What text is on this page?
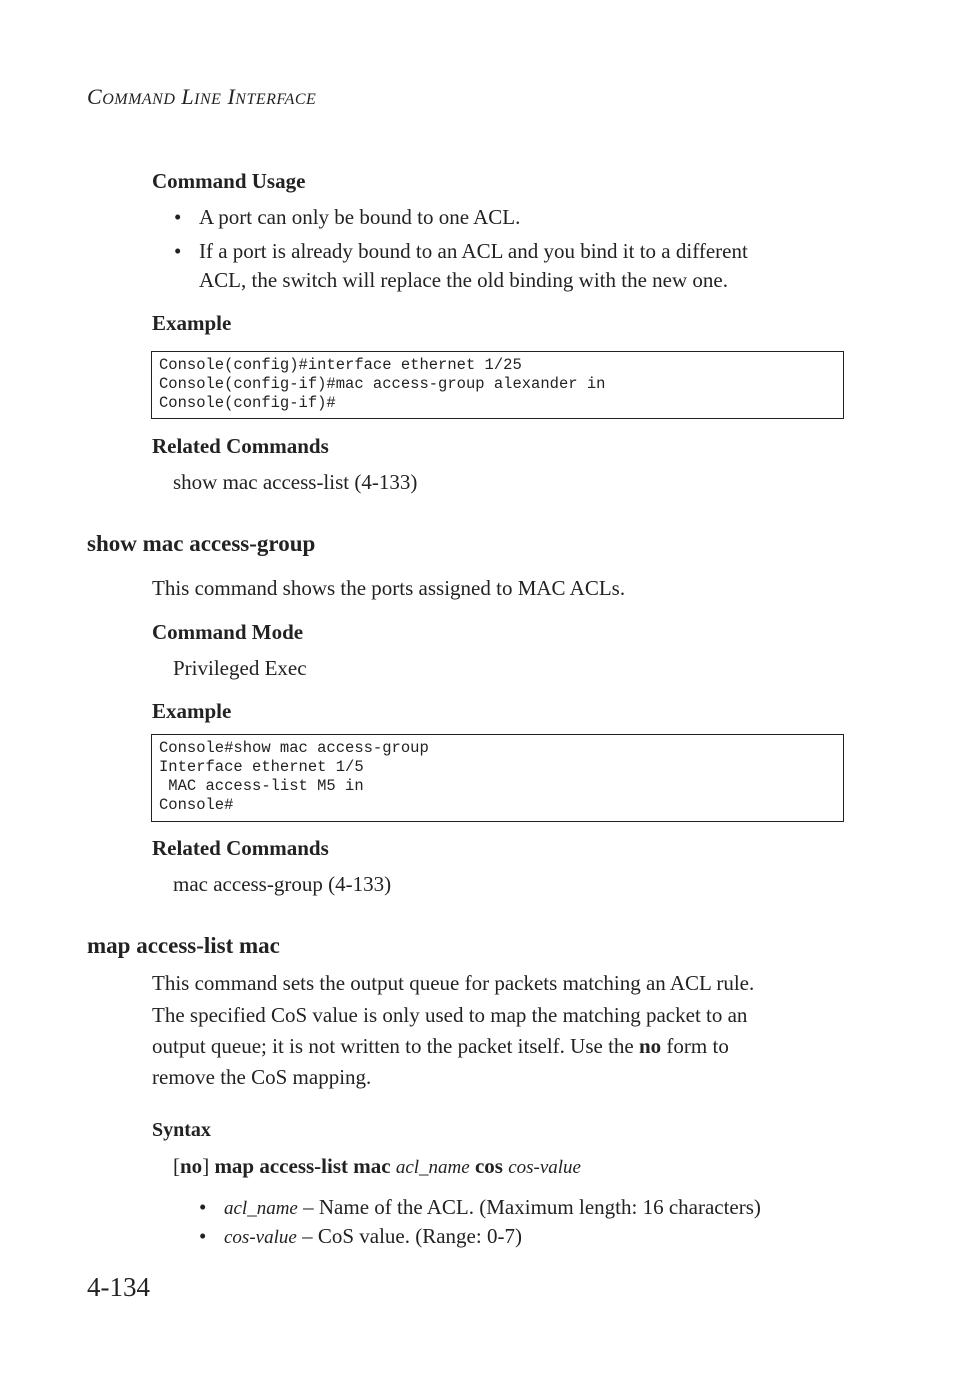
COMMAND LINE INTERFACE
Command Usage
• A port can only be bound to one ACL.
• If a port is already bound to an ACL and you bind it to a different
ACL, the switch will replace the old binding with the new one.
Example
Console(config)#interface ethernet 1/25
Console(config-if)#mac access-group alexander in
Console(config-if)#
Related Commands
show mac access-list (4-133)
show mac access-group
This command shows the ports assigned to MAC ACLs.
Command Mode
Privileged Exec
Example
Console#show mac access-group
Interface ethernet 1/5
MAC access-list M5 in
Console#
Related Commands
mac access-group (4-133)
map access-list mac
This command sets the output queue for packets matching an ACL rule.
The specified CoS value is only used to map the matching packet to an
output queue; it is not written to the packet itself. Use the no form to
remove the CoS mapping.
Syntax
[no] map access-list mac acl_name cos cos-value
• acl_name – Name of the ACL. (Maximum length: 16 characters)
• cos-value – CoS value. (Range: 0-7)
4-134
